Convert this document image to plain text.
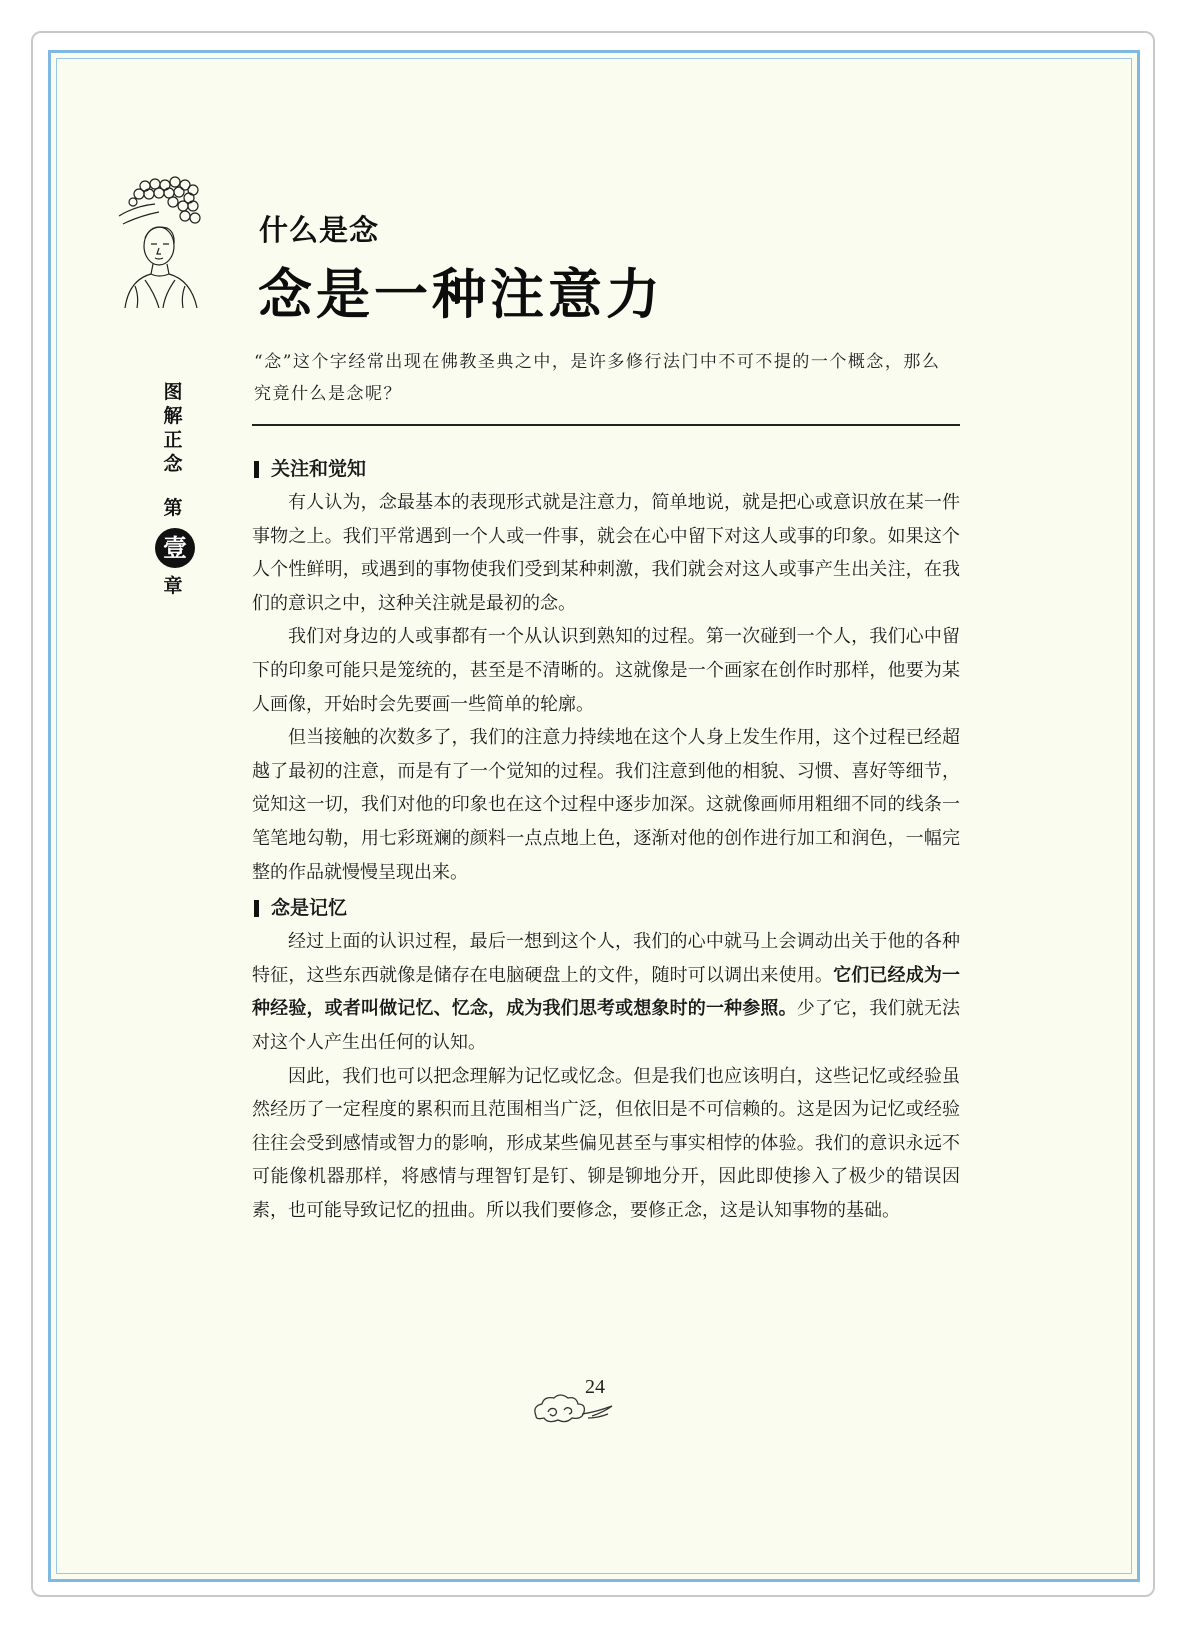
什么是念
念是一种注意力
图
解
正
念
第
壹
章
“念”这个字经常出现在佛教圣典之中，是许多修行法门中不可不提的一个概念，那么究竟什么是念呢？
关注和觉知

有人认为，念最基本的表现形式就是注意力，简单地说，就是把心或意识放在某一件事物之上。我们平常遇到一个人或一件事，就会在心中留下对这人或事的印象。如果这个人个性鲜明，或遇到的事物使我们受到某种刺激，我们就会对这人或事产生出关注，在我们的意识之中，这种关注就是最初的念。

我们对身边的人或事都有一个从认识到熟知的过程。第一次碰到一个人，我们心中留下的印象可能只是笼统的，甚至是不清晰的。这就像是一个画家在创作时那样，他要为某人画像，开始时会先要画一些简单的轮廓。

但当接触的次数多了，我们的注意力持续地在这个人身上发生作用，这个过程已经超越了最初的注意，而是有了一个觉知的过程。我们注意到他的相貌、习惯、喜好等细节，觉知这一切，我们对他的印象也在这个过程中逐步加深。这就像画师用粗细不同的线条一笔笔地勾勒，用七彩斑斓的颜料一点点地上色，逐渐对他的创作进行加工和润色，一幅完整的作品就慢慢呈现出来。

念是记忆

经过上面的认识过程，最后一想到这个人，我们的心中就马上会调动出关于他的各种特征，这些东西就像是储存在电脑硬盘上的文件，随时可以调出来使用。它们已经成为一种经验，或者叫做记忆、忆念，成为我们思考或想象时的一种参照。少了它，我们就无法对这个人产生出任何的认知。

因此，我们也可以把念理解为记忆或忆念。但是我们也应该明白，这些记忆或经验虽然经历了一定程度的累积而且范围相当广泛，但依旧是不可信赖的。这是因为记忆或经验往往会受到感情或智力的影响，形成某些偏见甚至与事实相悖的体验。我们的意识永远不可能像机器那样，将感情与理智钉是钉、铆是铆地分开，因此即使掺入了极少的错误因素，也可能导致记忆的扭曲。所以我们要修念，要修正念，这是认知事物的基础。

24
